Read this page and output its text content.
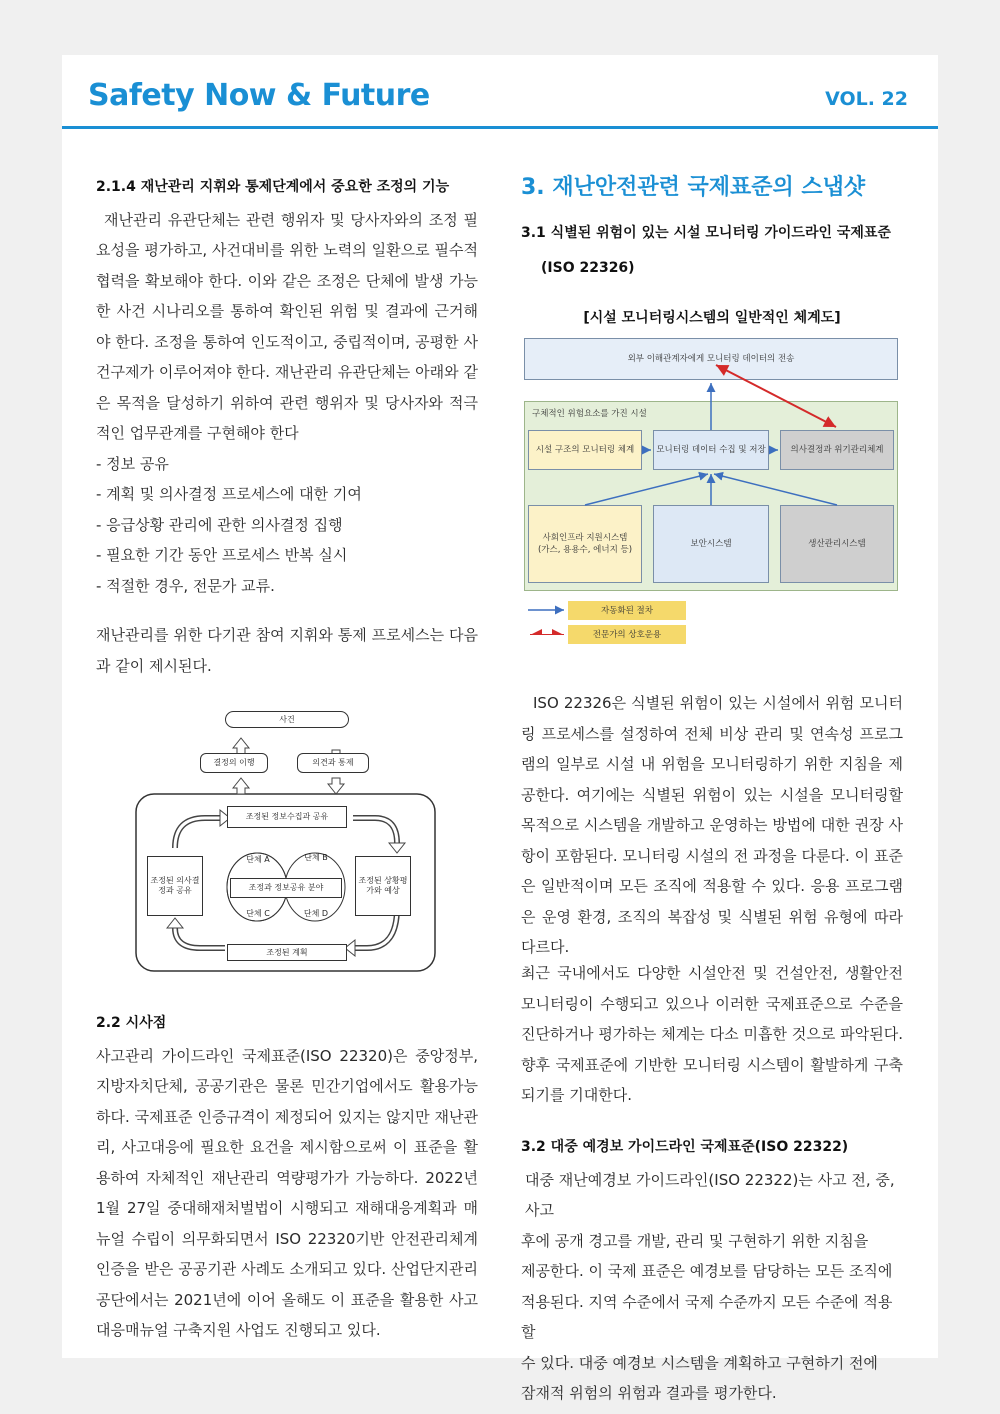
Safety Now & Future	VOL. 22
2.1.4 재난관리 지휘와 통제단계에서 중요한 조정의 기능

재난관리 유관단체는 관련 행위자 및 당사자와의 조정 필요성을 평가하고, 사건대비를 위한 노력의 일환으로 필수적 협력을 확보해야 한다. 이와 같은 조정은 단체에 발생 가능한 사건 시나리오를 통하여 확인된 위험 및 결과에 근거해야 한다. 조정을 통하여 인도적이고, 중립적이며, 공평한 사건구제가 이루어져야 한다. 재난관리 유관단체는 아래와 같은 목적을 달성하기 위하여 관련 행위자 및 당사자와 적극적인 업무관계를 구현해야 한다

- 정보 공유

- 계획 및 의사결정 프로세스에 대한 기여

- 응급상황 관리에 관한 의사결정 집행

- 필요한 기간 동안 프로세스 반복 실시

- 적절한 경우, 전문가 교류.

재난관리를 위한 다기관 참여 지휘와 통제 프로세스는 다음과 같이 제시된다.
사건
결정의 이행	의견과 통제
조정된 정보수집과 공유
조정된 의사결정과 공유
조정된 상황평가와 예상
조정과 정보공유 분야
조정된 계획
단체 A	단체 B
단체 C	단체 D
2.2 시사점

사고관리 가이드라인 국제표준(ISO 22320)은 중앙정부, 지방자치단체, 공공기관은 물론 민간기업에서도 활용가능하다. 국제표준 인증규격이 제정되어 있지는 않지만 재난관리, 사고대응에 필요한 요건을 제시함으로써 이 표준을 활용하여 자체적인 재난관리 역량평가가 가능하다. 2022년 1월 27일 중대해재처벌법이 시행되고 재해대응계획과 매뉴얼 수립이 의무화되면서 ISO 22320기반 안전관리체계 인증을 받은 공공기관 사례도 소개되고 있다. 산업단지관리공단에서는 2021년에 이어 올해도 이 표준을 활용한 사고대응매뉴얼 구축지원 사업도 진행되고 있다.

3. 재난안전관련 국제표준의 스냅샷
3.1 식별된 위험이 있는 시설 모니터링 가이드라인 국제표준
(ISO 22326)
[시설 모니터링시스템의 일반적인 체계도]
외부 이해관계자에게 모니터링 데이터의 전송
구체적인 위험요소를 가진 시설
시설 구조의 모니터링 체계	모니터링 데이터 수집 및 저장	의사결정과 위기관리체계
사회인프라 지원시스템
(가스, 용용수, 에너지 등)
보안시스템	생산관리시스템
자동화된 절차
전문가의 상호운용
ISO 22326은 식별된 위험이 있는 시설에서 위험 모니터링 프로세스를 설정하여 전체 비상 관리 및 연속성 프로그램의 일부로 시설 내 위험을 모니터링하기 위한 지침을 제공한다. 여기에는 식별된 위험이 있는 시설을 모니터링할 목적으로 시스템을 개발하고 운영하는 방법에 대한 권장 사항이 포함된다. 모니터링 시설의 전 과정을 다룬다. 이 표준은 일반적이며 모든 조직에 적용할 수 있다. 응용 프로그램은 운영 환경, 조직의 복잡성 및 식별된 위험 유형에 따라 다르다.
최근 국내에서도 다양한 시설안전 및 건설안전, 생활안전 모니터링이 수행되고 있으나 이러한 국제표준으로 수준을 진단하거나 평가하는 체계는 다소 미흡한 것으로 파악된다. 향후 국제표준에 기반한 모니터링 시스템이 활발하게 구축되기를 기대한다.
3.2 대중 예경보 가이드라인 국제표준(ISO 22322)

대중 재난예경보 가이드라인(ISO 22322)는 사고 전, 중, 사고

후에 공개 경고를 개발, 관리 및 구현하기 위한 지침을

제공한다. 이 국제 표준은 예경보를 담당하는 모든 조직에

적용된다. 지역 수준에서 국제 수준까지 모든 수준에 적용할

수 있다. 대중 예경보 시스템을 계획하고 구현하기 전에

잠재적 위험의 위험과 결과를 평가한다.
